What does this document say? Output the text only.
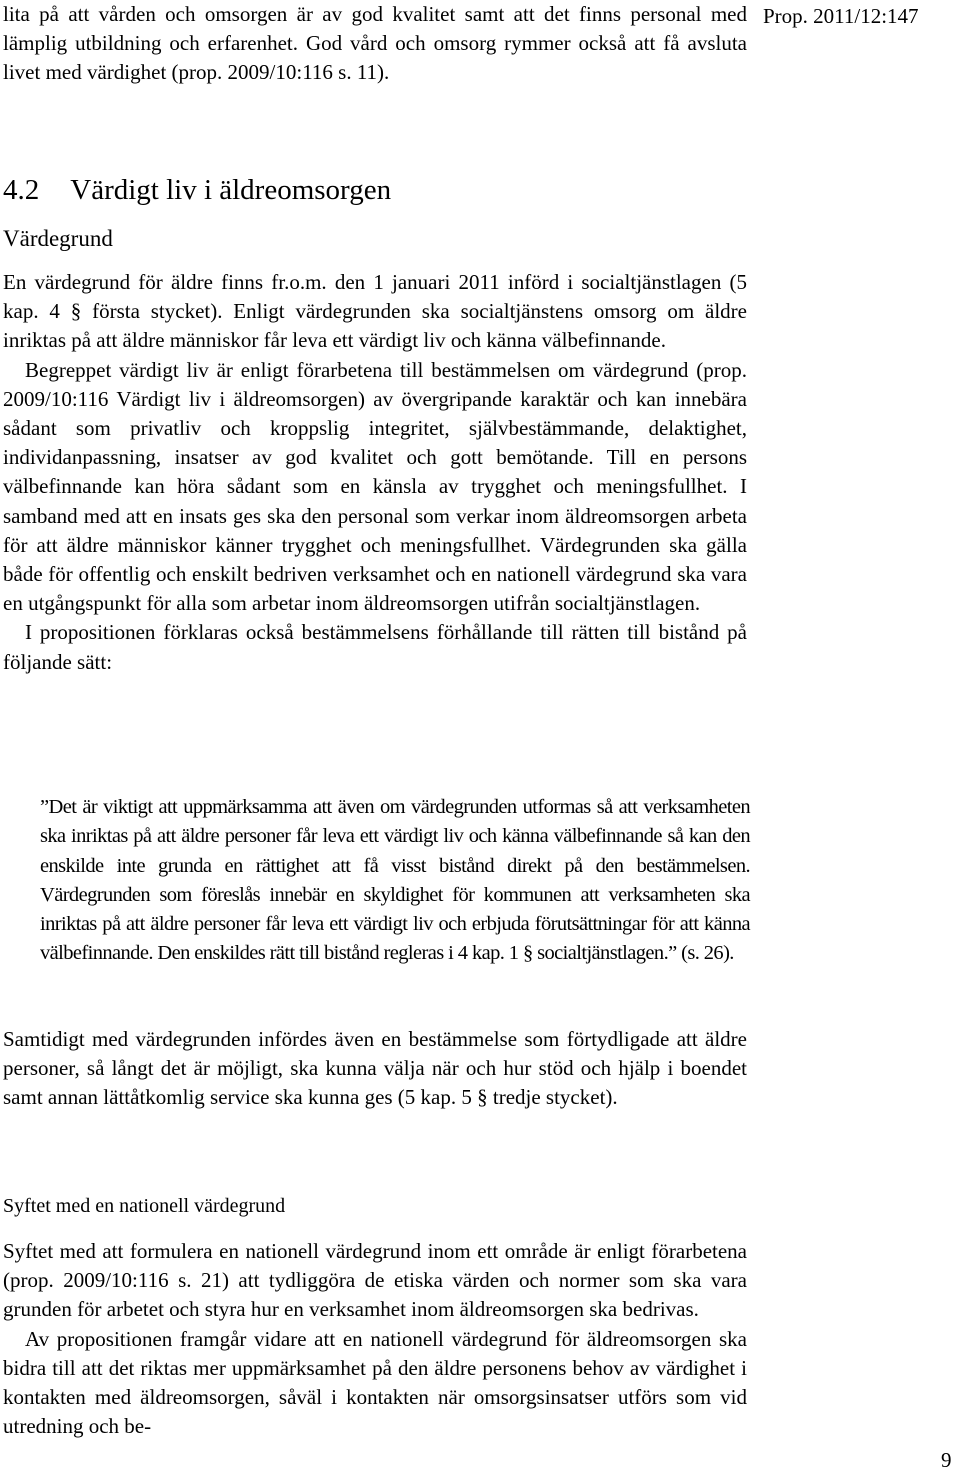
Prop. 2011/12:147

lita på att vården och omsorgen är av god kvalitet samt att det finns personal med lämplig utbildning och erfarenhet. God vård och omsorg rymmer också att få avsluta livet med värdighet (prop. 2009/10:116 s. 11).

4.2 Värdigt liv i äldreomsorgen
Värdegrund

En värdegrund för äldre finns fr.o.m. den 1 januari 2011 införd i socialtjänstlagen (5 kap. 4 § första stycket). Enligt värdegrunden ska socialtjänstens omsorg om äldre inriktas på att äldre människor får leva ett värdigt liv och känna välbefinnande.

Begreppet värdigt liv är enligt förarbetena till bestämmelsen om värdegrund (prop. 2009/10:116 Värdigt liv i äldreomsorgen) av övergripande karaktär och kan innebära sådant som privatliv och kroppslig integritet, självbestämmande, delaktighet, individanpassning, insatser av god kvalitet och gott bemötande. Till en persons välbefinnande kan höra sådant som en känsla av trygghet och meningsfullhet. I samband med att en insats ges ska den personal som verkar inom äldreomsorgen arbeta för att äldre människor känner trygghet och meningsfullhet. Värdegrunden ska gälla både för offentlig och enskilt bedriven verksamhet och en nationell värdegrund ska vara en utgångspunkt för alla som arbetar inom äldreomsorgen utifrån socialtjänstlagen.

I propositionen förklaras också bestämmelsens förhållande till rätten till bistånd på följande sätt:

”Det är viktigt att uppmärksamma att även om värdegrunden utformas så att verksamheten ska inriktas på att äldre personer får leva ett värdigt liv och känna välbefinnande så kan den enskilde inte grunda en rättighet att få visst bistånd direkt på den bestämmelsen. Värdegrunden som föreslås innebär en skyldighet för kommunen att verksamheten ska inriktas på att äldre personer får leva ett värdigt liv och erbjuda förutsättningar för att känna välbefinnande. Den enskildes rätt till bistånd regleras i 4 kap. 1 § socialtjänstlagen.” (s. 26).

Samtidigt med värdegrunden infördes även en bestämmelse som förtydligade att äldre personer, så långt det är möjligt, ska kunna välja när och hur stöd och hjälp i boendet samt annan lättåtkomlig service ska kunna ges (5 kap. 5 § tredje stycket).

Syftet med en nationell värdegrund

Syftet med att formulera en nationell värdegrund inom ett område är enligt förarbetena (prop. 2009/10:116 s. 21) att tydliggöra de etiska värden och normer som ska vara grunden för arbetet och styra hur en verksamhet inom äldreomsorgen ska bedrivas.

Av propositionen framgår vidare att en nationell värdegrund för äldreomsorgen ska bidra till att det riktas mer uppmärksamhet på den äldre personens behov av värdighet i kontakten med äldreomsorgen, såväl i kontakten när omsorgsinsatser utförs som vid utredning och be-

9
